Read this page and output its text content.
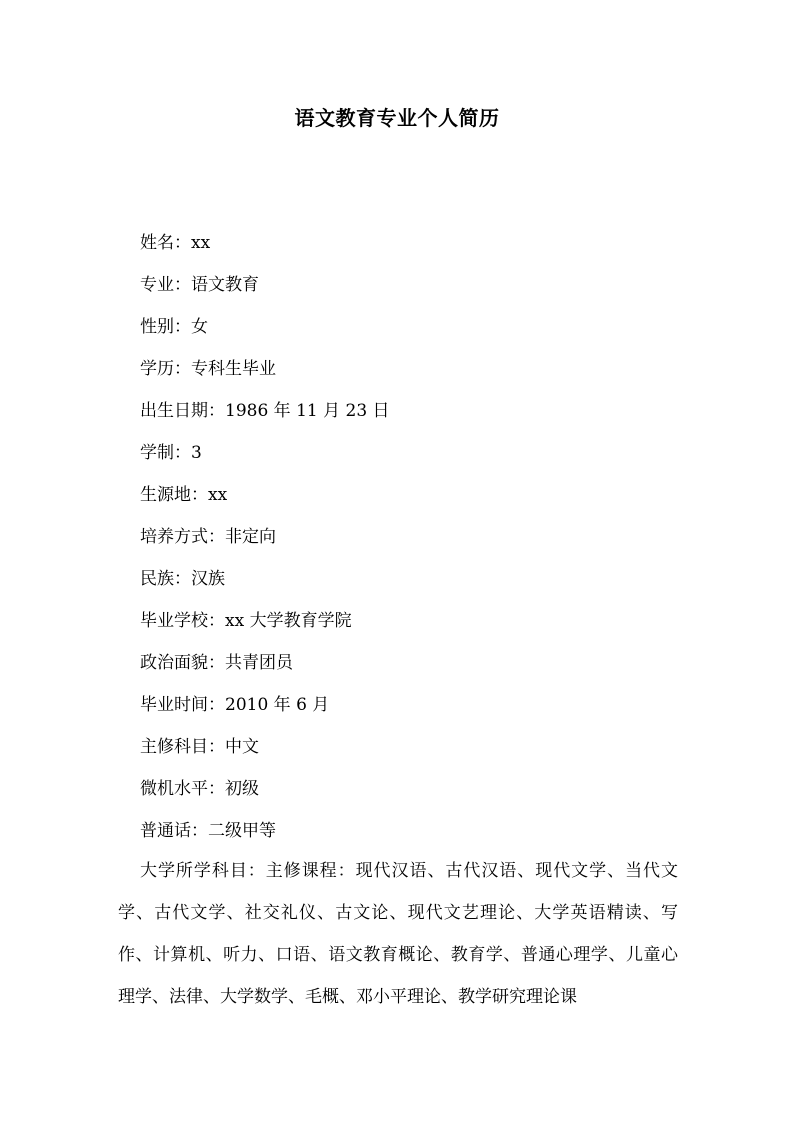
语文教育专业个人简历
姓名：xx
专业：语文教育
性别：女
学历：专科生毕业
出生日期：1986 年 11 月 23 日
学制：3
生源地：xx
培养方式：非定向
民族：汉族
毕业学校：xx 大学教育学院
政治面貌：共青团员
毕业时间：2010 年 6 月
主修科目：中文
微机水平：初级
普通话：二级甲等
大学所学科目：主修课程：现代汉语、古代汉语、现代文学、当代文学、古代文学、社交礼仪、古文论、现代文艺理论、大学英语精读、写作、计算机、听力、口语、语文教育概论、教育学、普通心理学、儿童心理学、法律、大学数学、毛概、邓小平理论、教学研究理论课
